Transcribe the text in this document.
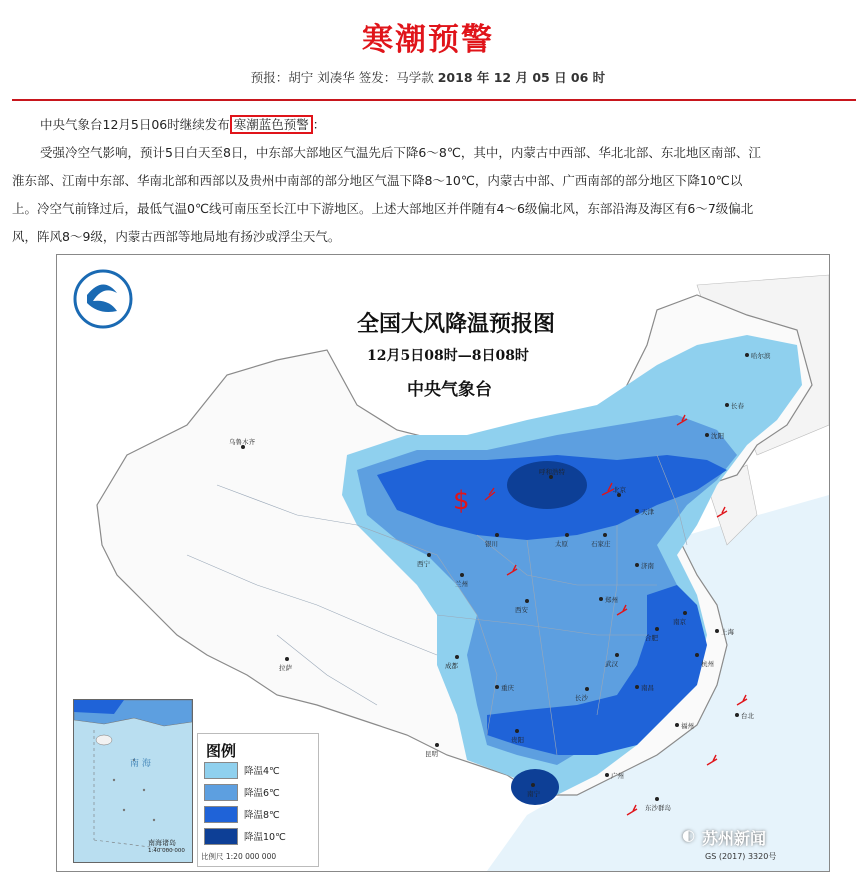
寒潮预警
预报：胡宁 刘凑华 签发：马学款 2018 年 12 月 05 日 06 时
中央气象台12月5日06时继续发布 寒潮蓝色预警 ：
受强冷空气影响，预计5日白天至8日，中东部大部地区气温先后下降6～8℃，其中，内蒙古中西部、华北北部、东北地区南部、江
淮东部、江南中东部、华南北部和西部以及贵州中南部的部分地区气温下降8～10℃，内蒙古中部、广西南部的部分地区下降10℃以
上。冷空气前锋过后，最低气温0℃线可南压至长江中下游地区。上述大部地区并伴随有4～6级偏北风，东部沿海及海区有6～7级偏北
风，阵风8～9级，内蒙古西部等地局地有扬沙或浮尘天气。
$
全国大风降温预报图
12月5日08时—8日08时
中央气象台
哈尔滨
长春
沈阳
北京
天津
石家庄
太原
呼和浩特
银川
兰州
西宁	济南
郑州
西安
南京
上海
合肥
杭州
武汉
长沙
南昌
福州
成都
重庆
贵阳
昆明
南宁
广州
台北
拉萨
乌鲁木齐
东沙群岛
南 海
南海诸岛
1:40 000 000
图例
降温4℃
降温6℃
降温8℃
降温10℃
比例尺 1:20 000 000	GS (2017) 3320号
◐ 苏州新闻
